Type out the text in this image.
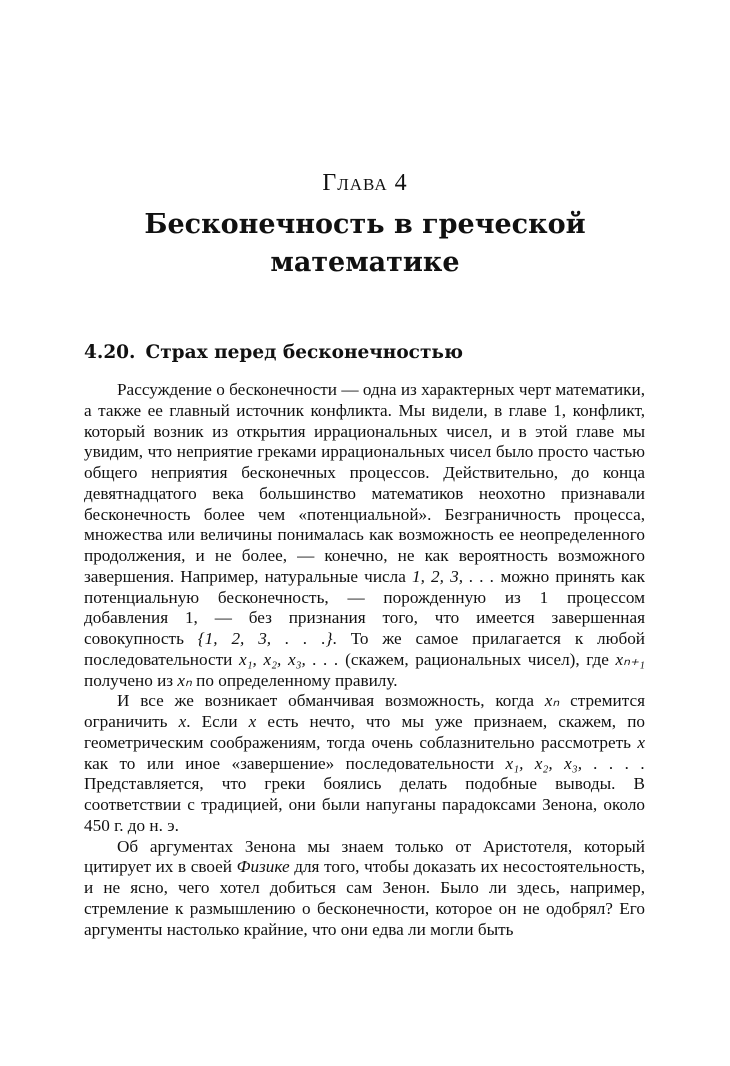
Глава 4
Бесконечность в греческой
математике
4.20. Страх перед бесконечностью

Рассуждение о бесконечности — одна из характерных черт математики, а также ее главный источник конфликта. Мы видели, в главе 1, конфликт, который возник из открытия иррациональных чисел, и в этой главе мы увидим, что неприятие греками иррациональных чисел было просто частью общего неприятия бесконечных процессов. Действительно, до конца девятнадцатого века большинство математиков неохотно признавали бесконечность более чем «потенциальной». Безграничность процесса, множества или величины понималась как возможность ее неопределенного продолжения, и не более, — конечно, не как вероятность возможного завершения. Например, натуральные числа 1, 2, 3, . . . можно принять как потенциальную бесконечность, — порожденную из 1 процессом добавления 1, — без признания того, что имеется завершенная совокупность {1, 2, 3, . . .}. То же самое прилагается к любой последовательности x₁, x₂, x₃, . . . (скажем, рациональных чисел), где xₙ₊₁ получено из xₙ по определенному правилу.

И все же возникает обманчивая возможность, когда xₙ стремится ограничить x. Если x есть нечто, что мы уже признаем, скажем, по геометрическим соображениям, тогда очень соблазнительно рассмотреть x как то или иное «завершение» последовательности x₁, x₂, x₃, . . . . Представляется, что греки боялись делать подобные выводы. В соответствии с традицией, они были напуганы парадоксами Зенона, около 450 г. до н. э.

Об аргументах Зенона мы знаем только от Аристотеля, который цитирует их в своей Физике для того, чтобы доказать их несостоятельность, и не ясно, чего хотел добиться сам Зенон. Было ли здесь, например, стремление к размышлению о бесконечности, которое он не одобрял? Его аргументы настолько крайние, что они едва ли могли быть
